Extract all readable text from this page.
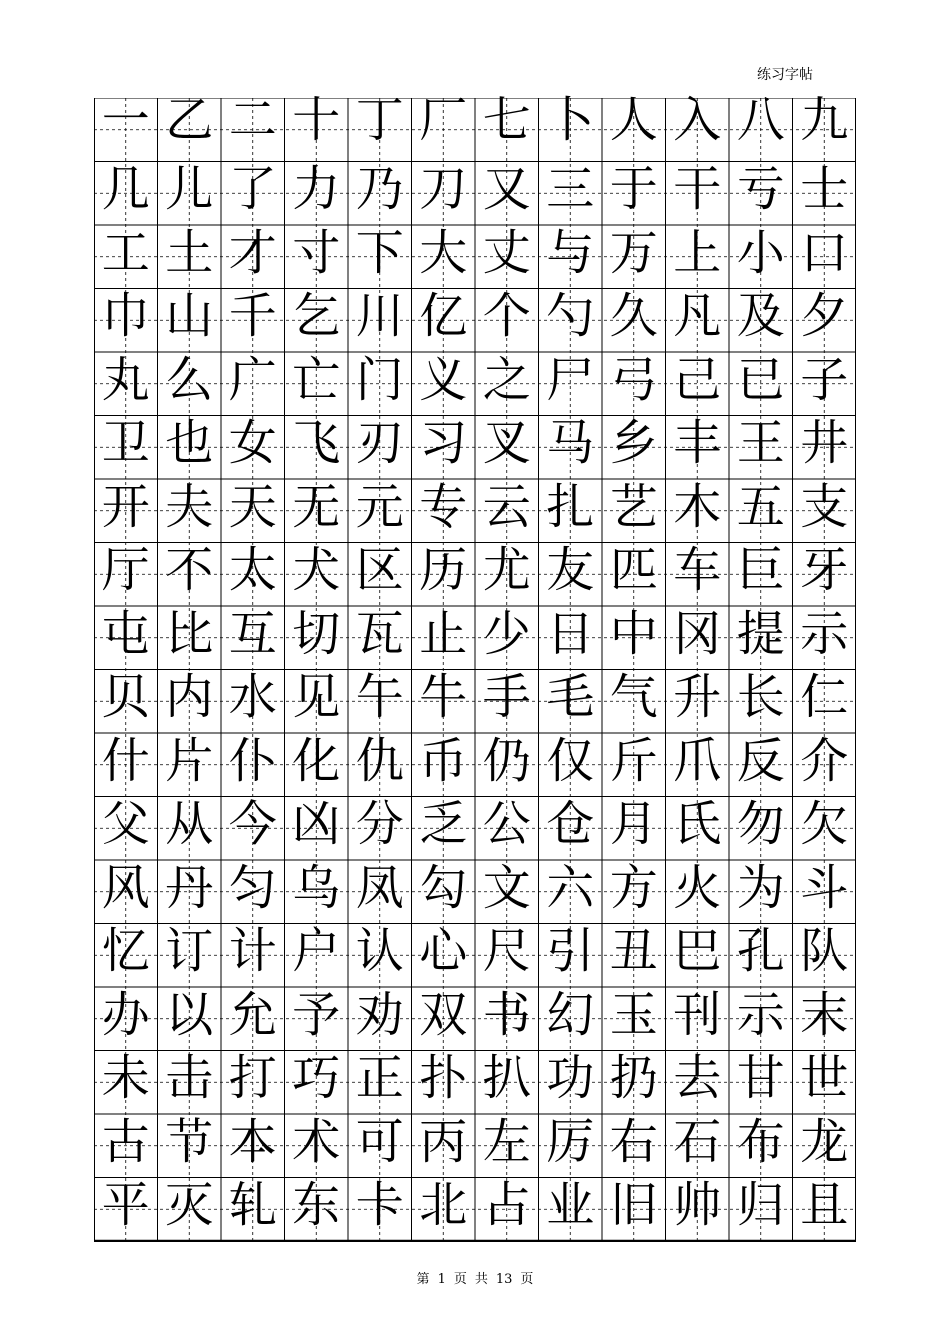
练习字帖
一 乙 二 十 丁 厂 七 卜 人 入 八 九
几 儿 了 力 乃 刀 又 三 于 干 亏 士
工 土 才 寸 下 大 丈 与 万 上 小 口
巾 山 千 乞 川 亿 个 勺 久 凡 及 夕
丸 么 广 亡 门 义 之 尸 弓 己 已 子
卫 也 女 飞 刃 习 叉 马 乡 丰 王 井
开 夫 天 无 元 专 云 扎 艺 木 五 支
厅 不 太 犬 区 历 尤 友 匹 车 巨 牙
屯 比 互 切 瓦 止 少 日 中 冈 提 示
贝 内 水 见 午 牛 手 毛 气 升 长 仁
什 片 仆 化 仇 币 仍 仅 斤 爪 反 介
父 从 今 凶 分 乏 公 仓 月 氏 勿 欠
风 丹 匀 乌 凤 勾 文 六 方 火 为 斗
忆 订 计 户 认 心 尺 引 丑 巴 孔 队
办 以 允 予 劝 双 书 幻 玉 刊 示 末
未 击 打 巧 正 扑 扒 功 扔 去 甘 世
古 节 本 术 可 丙 左 厉 右 石 布 龙
平 灭 轧 东 卡 北 占 业 旧 帅 归 且
第 1 页 共 13 页
